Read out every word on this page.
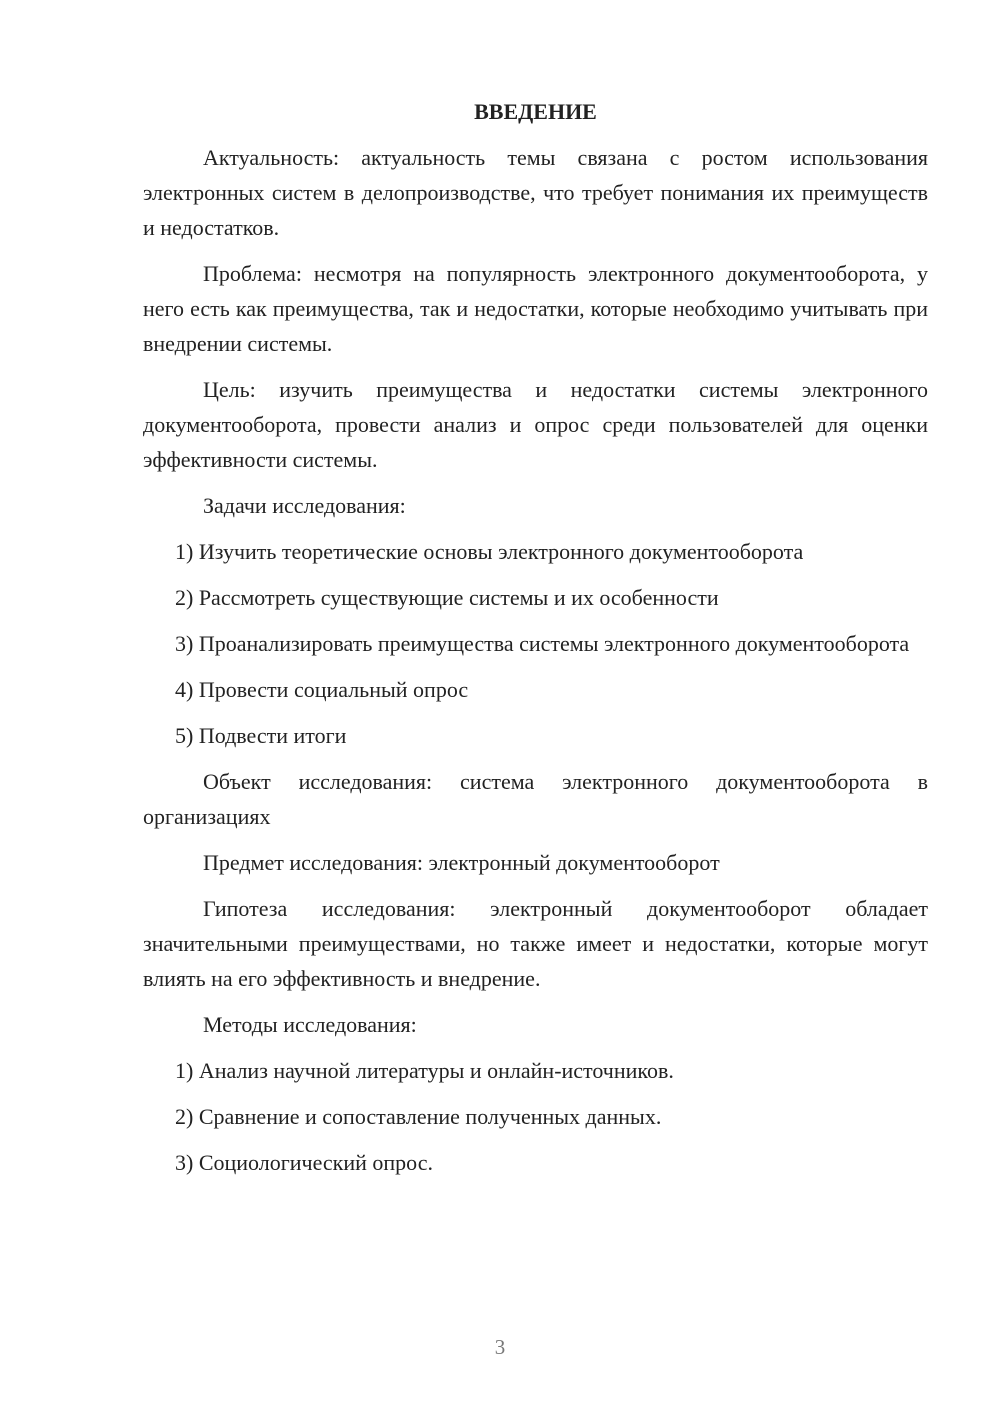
ВВЕДЕНИЕ

Актуальность: актуальность темы связана с ростом использования электронных систем в делопроизводстве, что требует понимания их преимуществ и недостатков.

Проблема: несмотря на популярность электронного документооборота, у него есть как преимущества, так и недостатки, которые необходимо учитывать при внедрении системы.

Цель: изучить преимущества и недостатки системы электронного документооборота, провести анализ и опрос среди пользователей для оценки эффективности системы.

Задачи исследования:

1) Изучить теоретические основы электронного документооборота

2) Рассмотреть существующие системы и их особенности

3) Проанализировать преимущества системы электронного документооборота

4) Провести социальный опрос

5) Подвести итоги

Объект исследования: система электронного документооборота в организациях

Предмет исследования: электронный документооборот

Гипотеза исследования: электронный документооборот обладает значительными преимуществами, но также имеет и недостатки, которые могут влиять на его эффективность и внедрение.

Методы исследования:

1) Анализ научной литературы и онлайн-источников.

2) Сравнение и сопоставление полученных данных.

3) Социологический опрос.

3
